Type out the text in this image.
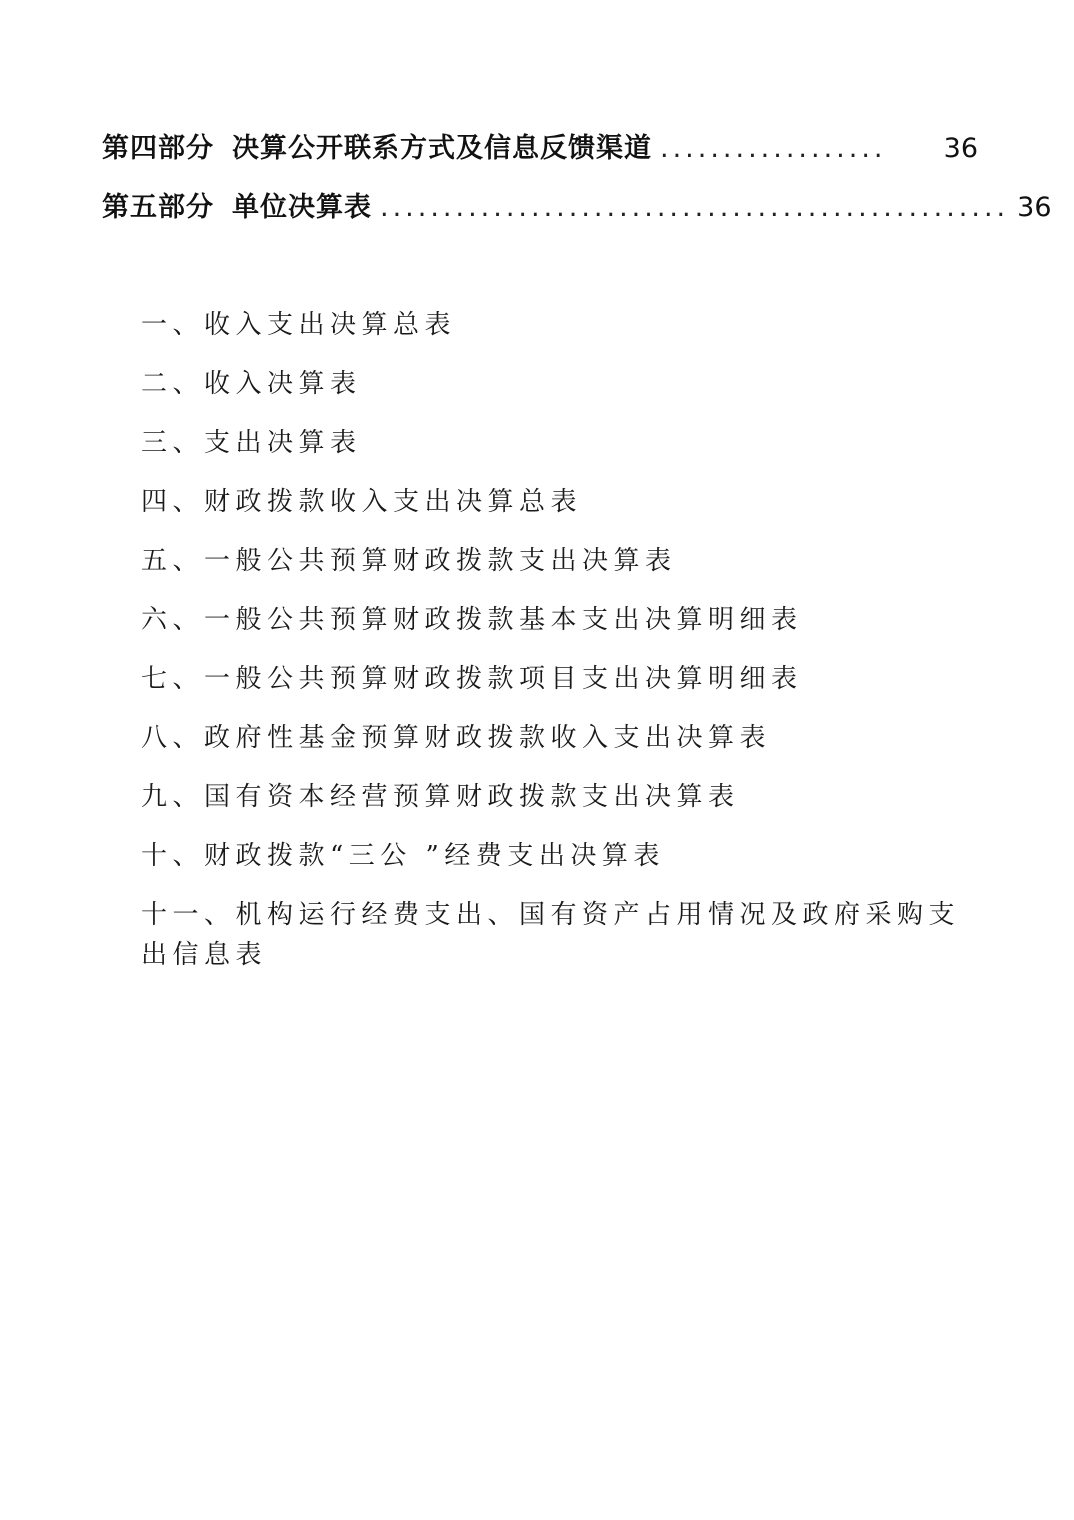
第四部分 决算公开联系方式及信息反馈渠道 ..................	36
第五部分 单位决算表 .................................................. 36
一、收入支出决算总表
二、收入决算表
三、支出决算表
四、财政拨款收入支出决算总表
五、一般公共预算财政拨款支出决算表
六、一般公共预算财政拨款基本支出决算明细表
七、一般公共预算财政拨款项目支出决算明细表
八、政府性基金预算财政拨款收入支出决算表
九、国有资本经营预算财政拨款支出决算表
十、财政拨款“三公 ”经费支出决算表
十一、机构运行经费支出、国有资产占用情况及政府采购支出信息表
